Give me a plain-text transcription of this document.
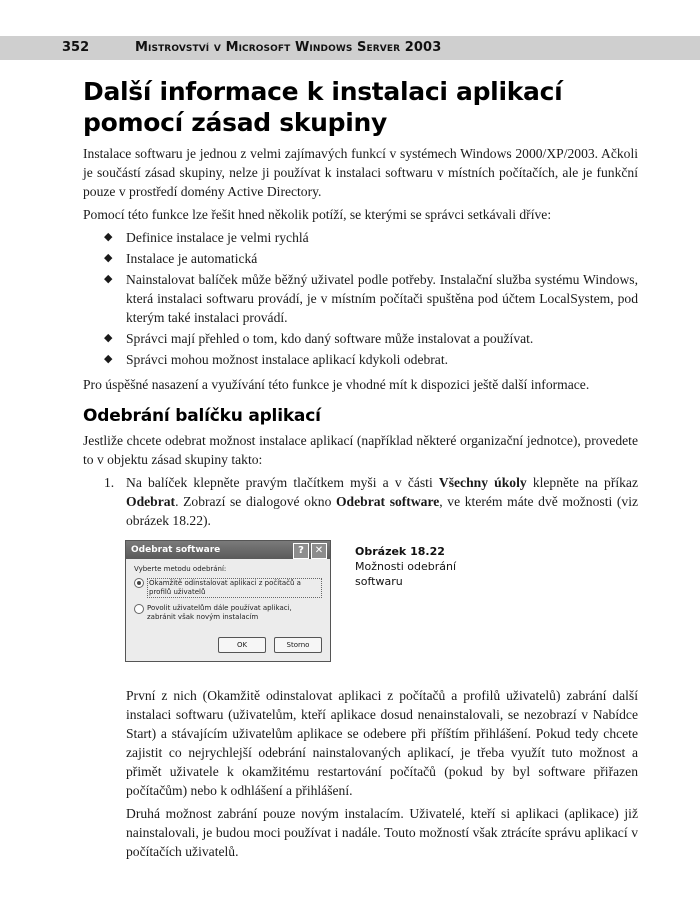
352	Mistrovství v Microsoft Windows Server 2003
Další informace k instalaci aplikací pomocí zásad skupiny

Instalace softwaru je jednou z velmi zajímavých funkcí v systémech Windows 2000/XP/2003. Ačkoli je součástí zásad skupiny, nelze ji používat k instalaci softwaru v místních počítačích, ale je funkční pouze v prostředí domény Active Directory.

Pomocí této funkce lze řešit hned několik potíží, se kterými se správci setkávali dříve:

◆ Definice instalace je velmi rychlá
◆ Instalace je automatická
◆ Nainstalovat balíček může běžný uživatel podle potřeby. Instalační služba systému Windows, která instalaci softwaru provádí, je v místním počítači spuštěna pod účtem LocalSystem, pod kterým také instalaci provádí.
◆ Správci mají přehled o tom, kdo daný software může instalovat a používat.
◆ Správci mohou možnost instalace aplikací kdykoli odebrat.

Pro úspěšné nasazení a využívání této funkce je vhodné mít k dispozici ještě další informace.

Odebrání balíčku aplikací

Jestliže chcete odebrat možnost instalace aplikací (například některé organizační jednotce), provedete to v objektu zásad skupiny takto:

1. Na balíček klepněte pravým tlačítkem myši a v části Všechny úkoly klepněte na příkaz Odebrat. Zobrazí se dialogové okno Odebrat software, ve kterém máte dvě možnosti (viz obrázek 18.22).
Odebrat software	?	✕
Vyberte metodu odebrání:
Okamžitě odinstalovat aplikaci z počítačů a profilů uživatelů
Povolit uživatelům dále používat aplikaci, zabránit však novým instalacím
OK	Storno
Obrázek 18.22
Možnosti odebrání softwaru

První z nich (Okamžitě odinstalovat aplikaci z počítačů a profilů uživatelů) zabrání další instalaci softwaru (uživatelům, kteří aplikace dosud nenainstalovali, se nezobrazí v Nabídce Start) a stávajícím uživatelům aplikace se odebere při příštím přihlášení. Pokud tedy chcete zajistit co nejrychlejší odebrání nainstalovaných aplikací, je třeba využít tuto možnost a přimět uživatele k okamžitému restartování počítačů (pokud by byl software přiřazen počítačům) nebo k odhlášení a přihlášení.

Druhá možnost zabrání pouze novým instalacím. Uživatelé, kteří si aplikaci (aplikace) již nainstalovali, je budou moci používat i nadále. Touto možností však ztrácíte správu aplikací v počítačích uživatelů.
